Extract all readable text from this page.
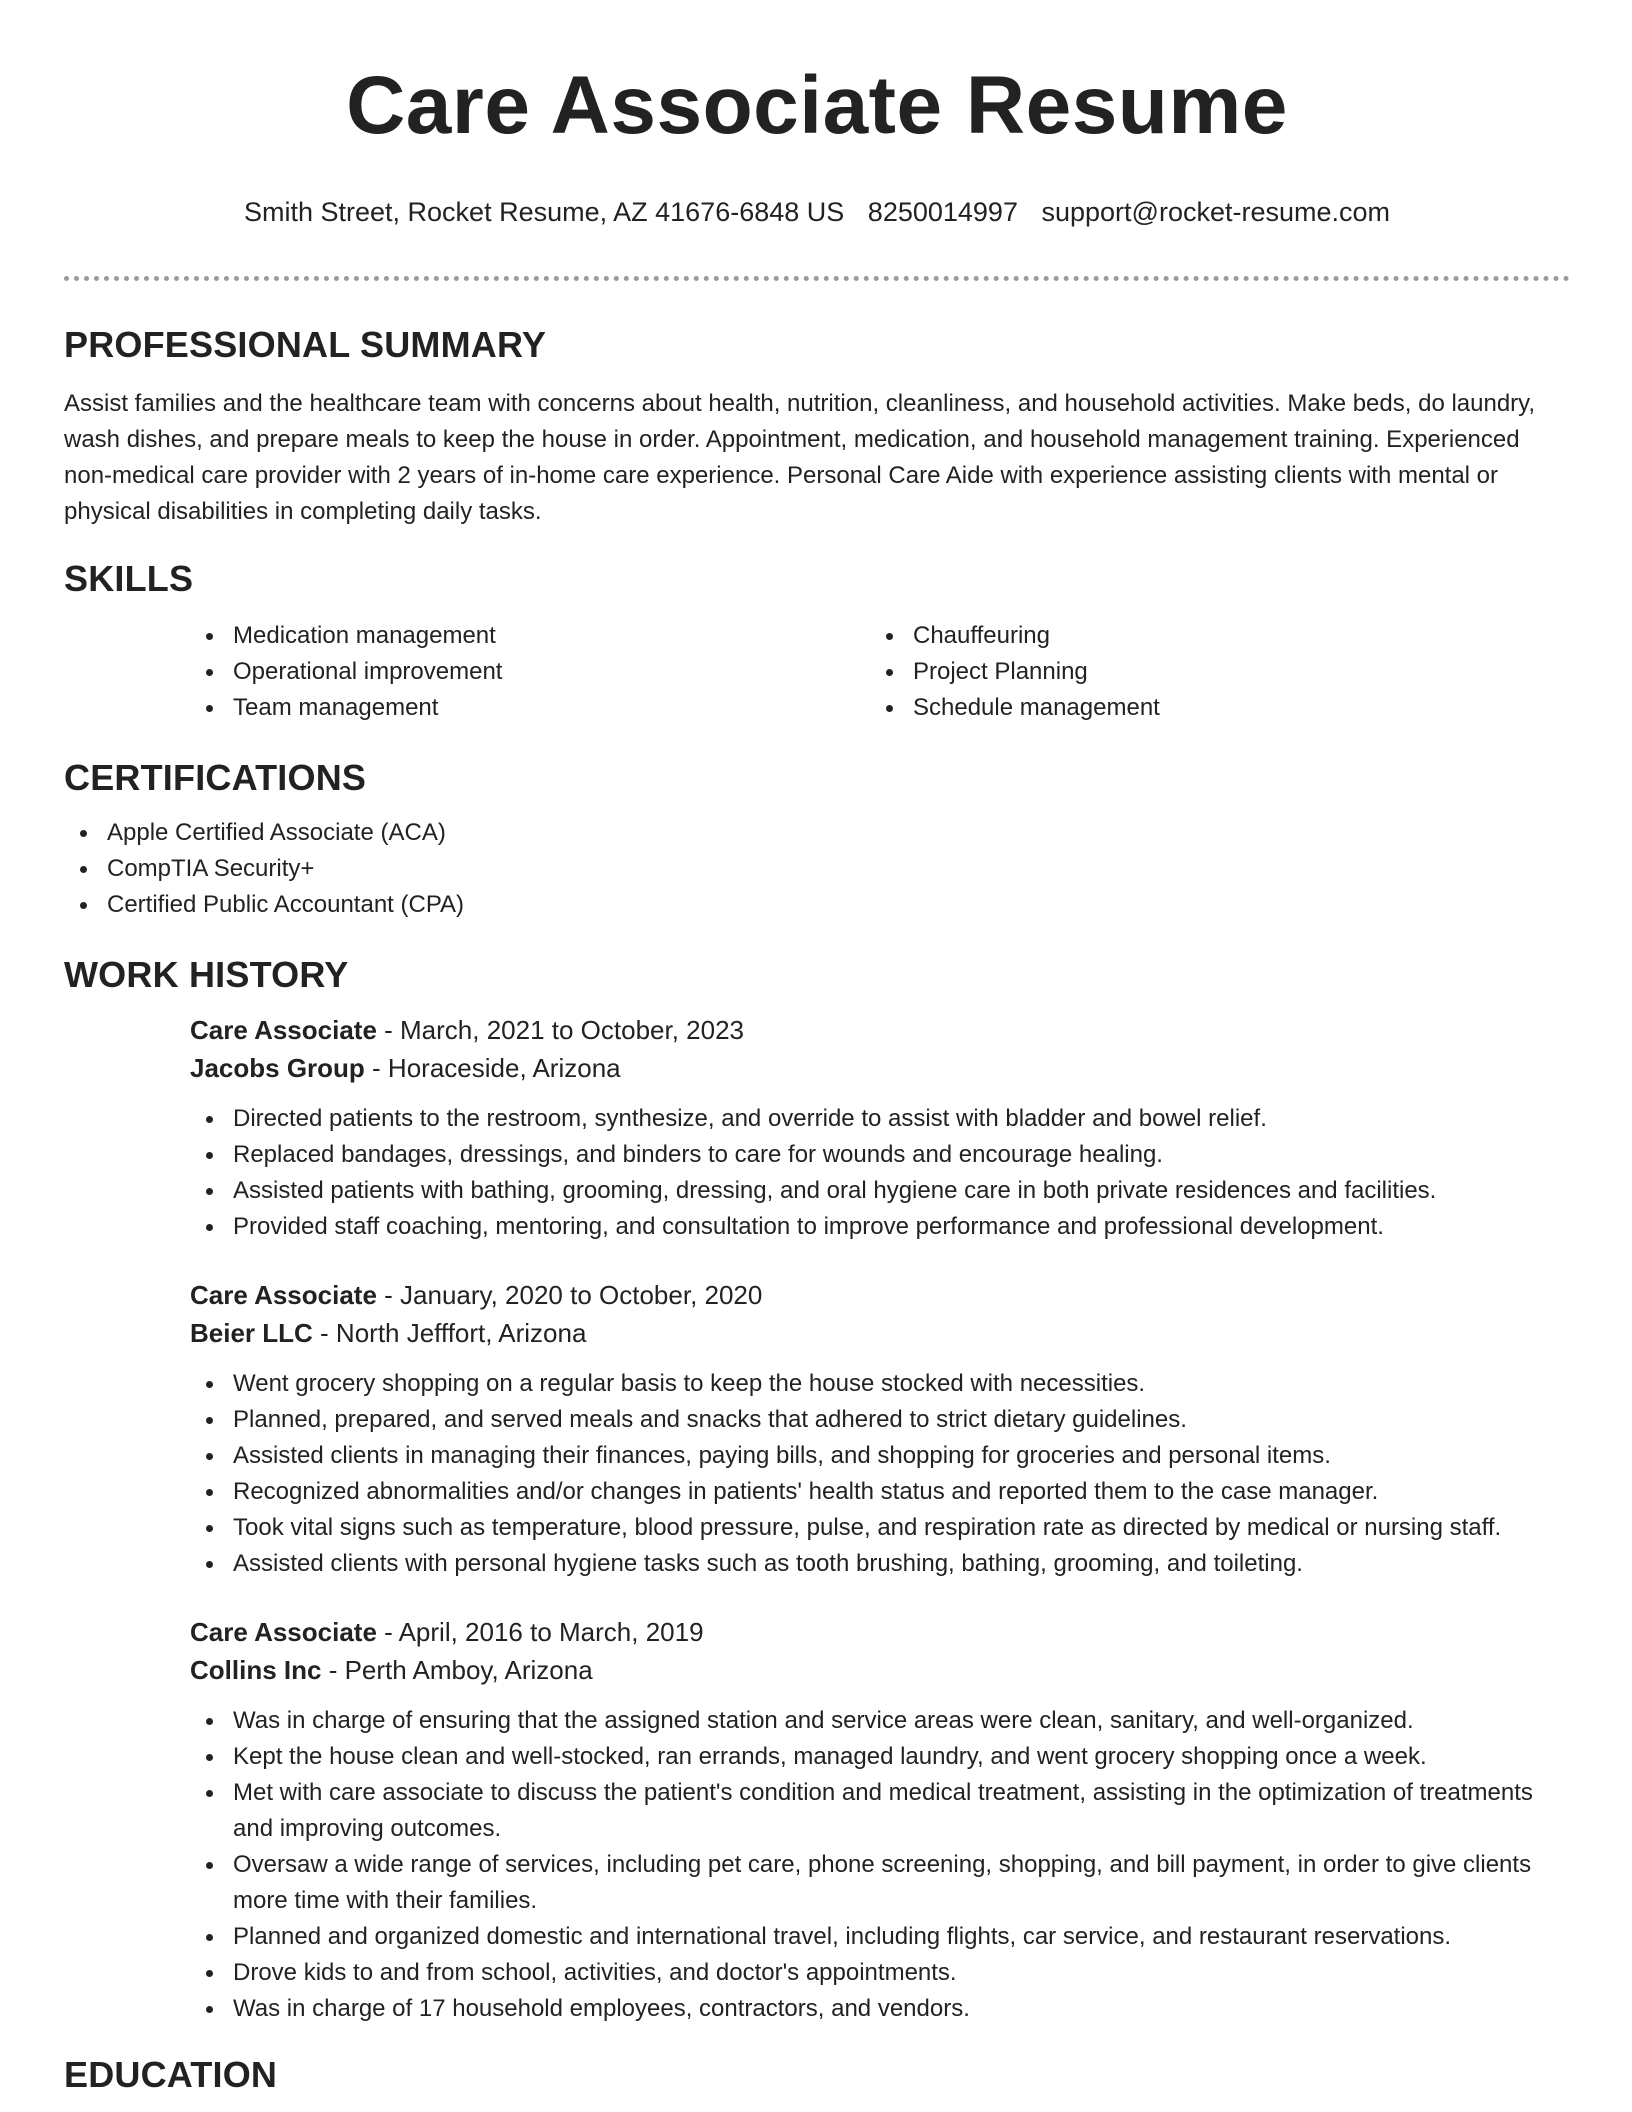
Care Associate Resume
Smith Street, Rocket Resume, AZ 41676-6848 US 8250014997 support@rocket-resume.com
PROFESSIONAL SUMMARY

Assist families and the healthcare team with concerns about health, nutrition, cleanliness, and household activities. Make beds, do laundry, wash dishes, and prepare meals to keep the house in order. Appointment, medication, and household management training. Experienced non-medical care provider with 2 years of in-home care experience. Personal Care Aide with experience assisting clients with mental or physical disabilities in completing daily tasks.

SKILLS
Medication management
Operational improvement
Team management
Chauffeuring
Project Planning
Schedule management
CERTIFICATIONS
Apple Certified Associate (ACA)
CompTIA Security+
Certified Public Accountant (CPA)
WORK HISTORY
Care Associate - March, 2021 to October, 2023
Jacobs Group - Horaceside, Arizona
Directed patients to the restroom, synthesize, and override to assist with bladder and bowel relief.
Replaced bandages, dressings, and binders to care for wounds and encourage healing.
Assisted patients with bathing, grooming, dressing, and oral hygiene care in both private residences and facilities.
Provided staff coaching, mentoring, and consultation to improve performance and professional development.
Care Associate - January, 2020 to October, 2020
Beier LLC - North Jefffort, Arizona
Went grocery shopping on a regular basis to keep the house stocked with necessities.
Planned, prepared, and served meals and snacks that adhered to strict dietary guidelines.
Assisted clients in managing their finances, paying bills, and shopping for groceries and personal items.
Recognized abnormalities and/or changes in patients' health status and reported them to the case manager.
Took vital signs such as temperature, blood pressure, pulse, and respiration rate as directed by medical or nursing staff.
Assisted clients with personal hygiene tasks such as tooth brushing, bathing, grooming, and toileting.
Care Associate - April, 2016 to March, 2019
Collins Inc - Perth Amboy, Arizona
Was in charge of ensuring that the assigned station and service areas were clean, sanitary, and well-organized.
Kept the house clean and well-stocked, ran errands, managed laundry, and went grocery shopping once a week.
Met with care associate to discuss the patient's condition and medical treatment, assisting in the optimization of treatments and improving outcomes.
Oversaw a wide range of services, including pet care, phone screening, shopping, and bill payment, in order to give clients more time with their families.
Planned and organized domestic and international travel, including flights, car service, and restaurant reservations.
Drove kids to and from school, activities, and doctor's appointments.
Was in charge of 17 household employees, contractors, and vendors.
EDUCATION
